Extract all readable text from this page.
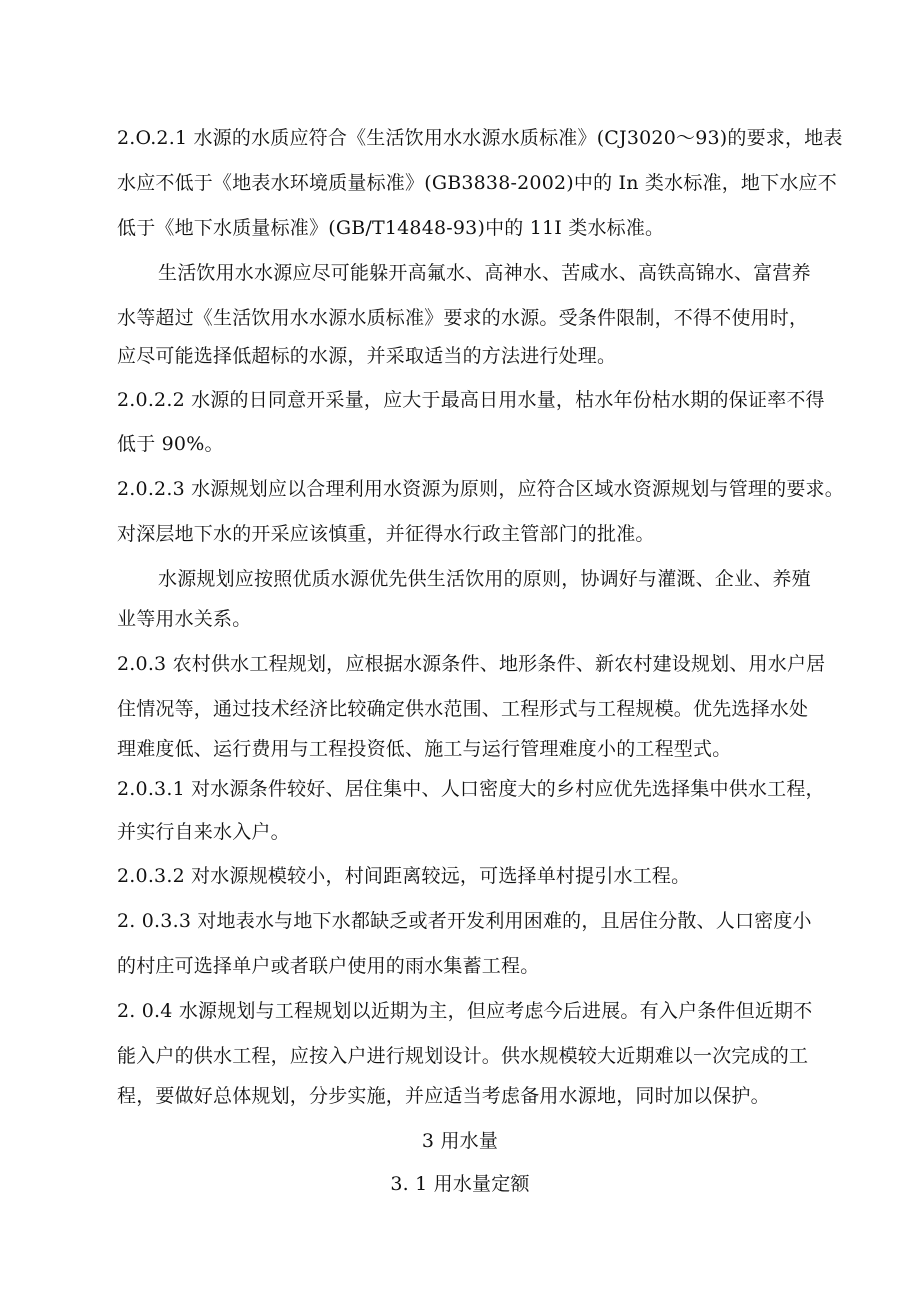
2.O.2.1 水源的水质应符合《生活饮用水水源水质标准》(CJ3020～93)的要求，地表
水应不低于《地表水环境质量标准》(GB3838-2002)中的 In 类水标准，地下水应不
低于《地下水质量标准》(GB/T14848-93)中的 11I 类水标准。
生活饮用水水源应尽可能躲开高氟水、高神水、苦咸水、高铁高锦水、富营养
水等超过《生活饮用水水源水质标准》要求的水源。受条件限制，不得不使用时，
应尽可能选择低超标的水源，并采取适当的方法进行处理。
2.0.2.2 水源的日同意开采量，应大于最高日用水量，枯水年份枯水期的保证率不得
低于 90%。
2.0.2.3 水源规划应以合理利用水资源为原则，应符合区域水资源规划与管理的要求。
对深层地下水的开采应该慎重，并征得水行政主管部门的批准。
水源规划应按照优质水源优先供生活饮用的原则，协调好与灌溉、企业、养殖
业等用水关系。
2.0.3 农村供水工程规划，应根据水源条件、地形条件、新农村建设规划、用水户居
住情况等，通过技术经济比较确定供水范围、工程形式与工程规模。优先选择水处
理难度低、运行费用与工程投资低、施工与运行管理难度小的工程型式。
2.0.3.1 对水源条件较好、居住集中、人口密度大的乡村应优先选择集中供水工程，
并实行自来水入户。
2.0.3.2 对水源规模较小，村间距离较远，可选择单村提引水工程。
2. 0.3.3 对地表水与地下水都缺乏或者开发利用困难的，且居住分散、人口密度小
的村庄可选择单户或者联户使用的雨水集蓄工程。
2. 0.4 水源规划与工程规划以近期为主，但应考虑今后进展。有入户条件但近期不
能入户的供水工程，应按入户进行规划设计。供水规模较大近期难以一次完成的工
程，要做好总体规划，分步实施，并应适当考虑备用水源地，同时加以保护。
3 用水量
3. 1 用水量定额
